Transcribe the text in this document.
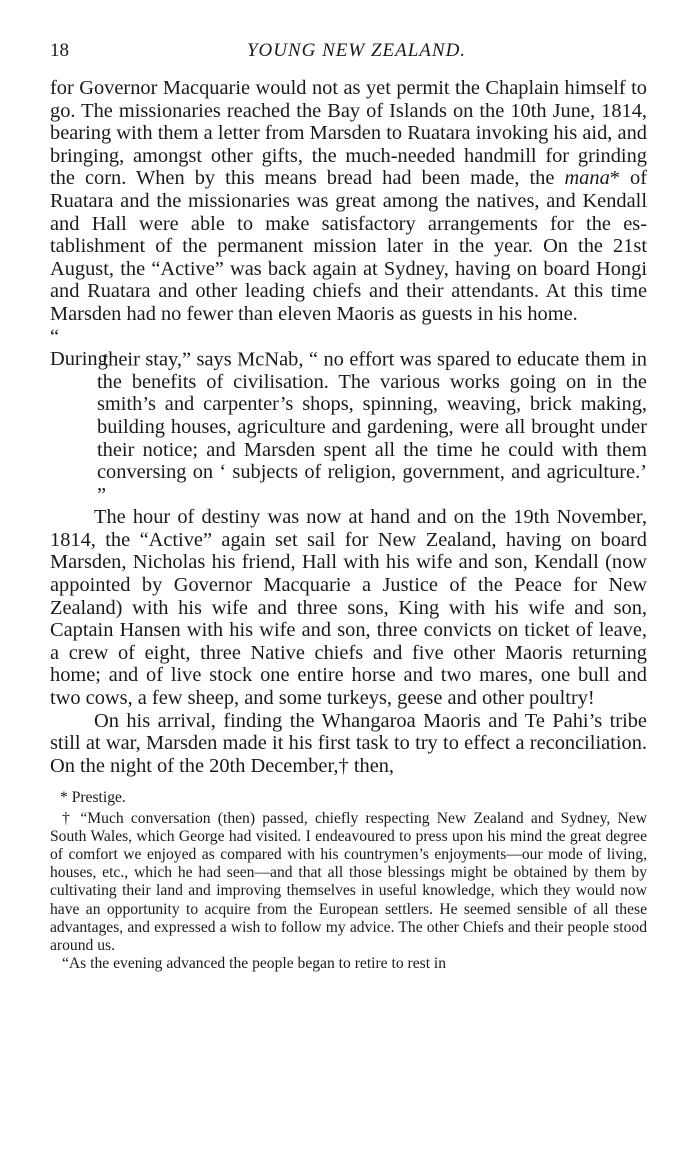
18	YOUNG NEW ZEALAND.

for Governor Macquarie would not as yet permit the Chaplain himself to go. The missionaries reached the Bay of Islands on the 10th June, 1814, bearing with them a letter from Marsden to Ruatara invoking his aid, and bringing, amongst other gifts, the much-needed handmill for grinding the corn. When by this means bread had been made, the mana* of Ruatara and the missionaries was great among the natives, and Kendall and Hall were able to make satisfactory arrangements for the establishment of the permanent mission later in the year. On the 21st August, the “Active” was back again at Sydney, having on board Hongi and Ruatara and other leading chiefs and their attendants. At this time Marsden had no fewer than eleven Maoris as guests in his home.

“ During their stay,” says McNab, “ no effort was spared to educate them in the benefits of civilisation. The various works going on in the smith’s and carpenter’s shops, spinning, weaving, brick making, building houses, agriculture and gardening, were all brought under their notice; and Marsden spent all the time he could with them conversing on ‘ subjects of religion, government, and agriculture.’ ”

The hour of destiny was now at hand and on the 19th November, 1814, the “Active” again set sail for New Zealand, having on board Marsden, Nicholas his friend, Hall with his wife and son, Kendall (now appointed by Governor Macquarie a Justice of the Peace for New Zealand) with his wife and three sons, King with his wife and son, Captain Hansen with his wife and son, three convicts on ticket of leave, a crew of eight, three Native chiefs and five other Maoris returning home; and of live stock one entire horse and two mares, one bull and two cows, a few sheep, and some turkeys, geese and other poultry!

On his arrival, finding the Whangaroa Maoris and Te Pahi’s tribe still at war, Marsden made it his first task to try to effect a reconciliation. On the night of the 20th December,† then,

* Prestige.

† “Much conversation (then) passed, chiefly respecting New Zealand and Sydney, New South Wales, which George had visited. I endeavoured to press upon his mind the great degree of comfort we enjoyed as compared with his countrymen’s enjoyments—our mode of living, houses, etc., which he had seen—and that all those blessings might be obtained by them by cultivating their land and improving themselves in useful knowledge, which they would now have an opportunity to acquire from the European settlers. He seemed sensible of all these advantages, and expressed a wish to follow my advice. The other Chiefs and their people stood around us.

“As the evening advanced the people began to retire to rest in
